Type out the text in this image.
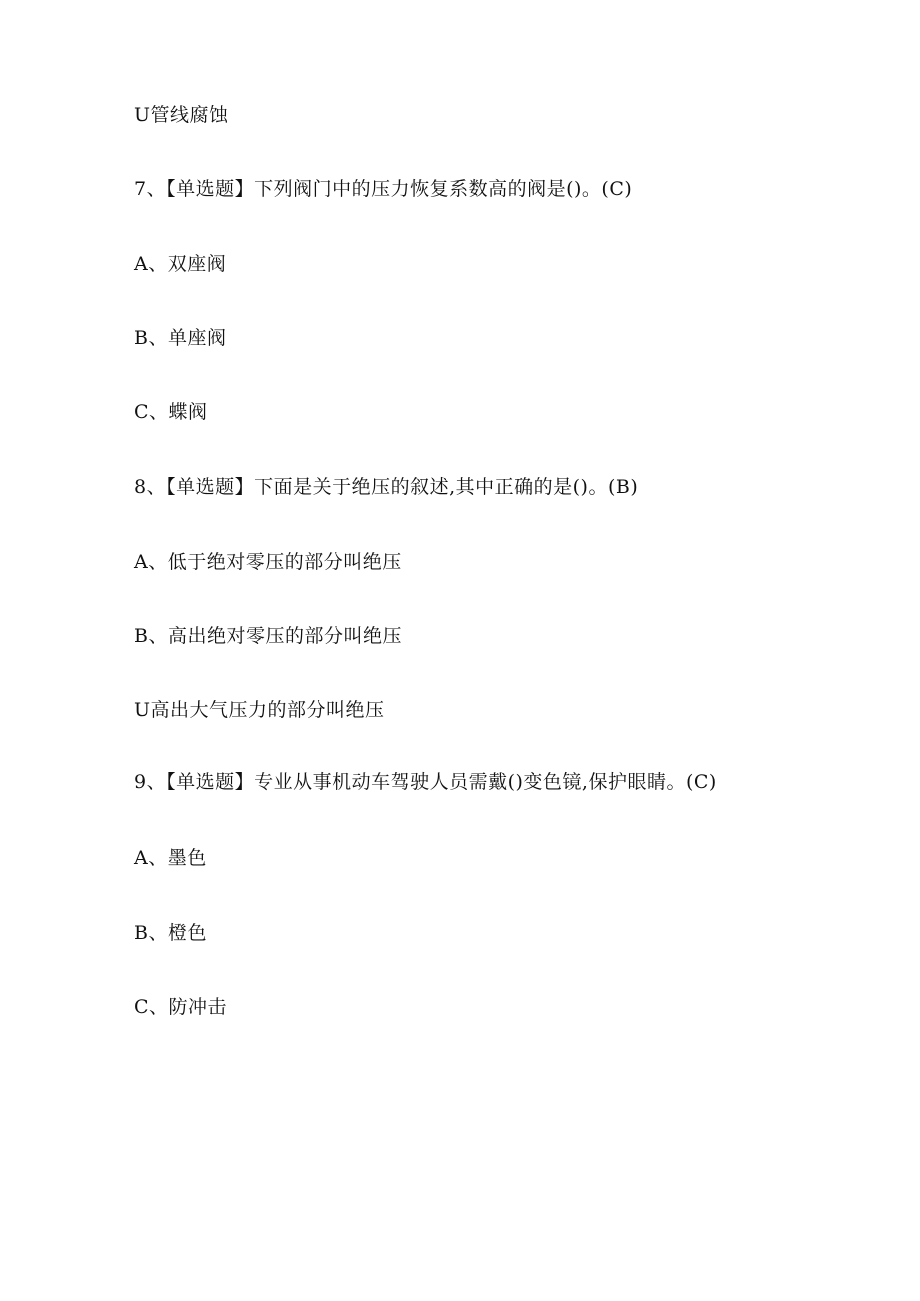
U管线腐蚀
7、【单选题】下列阀门中的压力恢复系数高的阀是()。(C)
A、双座阀
B、单座阀
C、蝶阀
8、【单选题】下面是关于绝压的叙述,其中正确的是()。(B)
A、低于绝对零压的部分叫绝压
B、高出绝对零压的部分叫绝压
U高出大气压力的部分叫绝压
9、【单选题】专业从事机动车驾驶人员需戴()变色镜,保护眼睛。(C)
A、墨色
B、橙色
C、防冲击
